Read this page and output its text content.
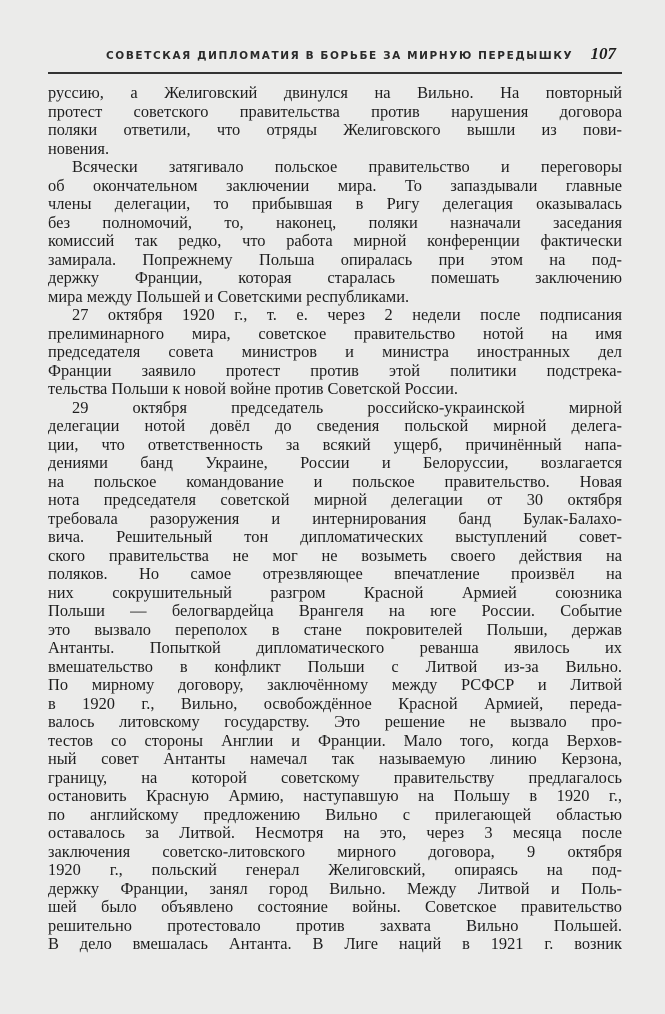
СОВЕТСКАЯ ДИПЛОМАТИЯ В БОРЬБЕ ЗА МИРНУЮ ПЕРЕДЫШКУ 107
руссию, а Желиговский двинулся на Вильно. На повторный
протест советского правительства против нарушения договора
поляки ответили, что отряды Желиговского вышли из пови-
новения.
Всячески затягивало польское правительство и переговоры
об окончательном заключении мира. То запаздывали главные
члены делегации, то прибывшая в Ригу делегация оказывалась
без полномочий, то, наконец, поляки назначали заседания
комиссий так редко, что работа мирной конференции фактически
замирала. Попрежнему Польша опиралась при этом на под-
держку Франции, которая старалась помешать заключению
мира между Польшей и Советскими республиками.
27 октября 1920 г., т. е. через 2 недели после подписания
прелиминарного мира, советское правительство нотой на имя
председателя совета министров и министра иностранных дел
Франции заявило протест против этой политики подстрека-
тельства Польши к новой войне против Советской России.
29 октября председатель российско-украинской мирной
делегации нотой довёл до сведения польской мирной делега-
ции, что ответственность за всякий ущерб, причинённый напа-
дениями банд Украине, России и Белоруссии, возлагается
на польское командование и польское правительство. Новая
нота председателя советской мирной делегации от 30 октября
требовала разоружения и интернирования банд Булак-Балахо-
вича. Решительный тон дипломатических выступлений совет-
ского правительства не мог не возыметь своего действия на
поляков. Но самое отрезвляющее впечатление произвёл на
них сокрушительный разгром Красной Армией союзника
Польши — белогвардейца Врангеля на юге России. Событие
это вызвало переполох в стане покровителей Польши, держав
Антанты. Попыткой дипломатического реванша явилось их
вмешательство в конфликт Польши с Литвой из-за Вильно.
По мирному договору, заключённому между РСФСР и Литвой
в 1920 г., Вильно, освобождённое Красной Армией, переда-
валось литовскому государству. Это решение не вызвало про-
тестов со стороны Англии и Франции. Мало того, когда Верхов-
ный совет Антанты намечал так называемую линию Керзона,
границу, на которой советскому правительству предлагалось
остановить Красную Армию, наступавшую на Польшу в 1920 г.,
по английскому предложению Вильно с прилегающей областью
оставалось за Литвой. Несмотря на это, через 3 месяца после
заключения советско-литовского мирного договора, 9 октября
1920 г., польский генерал Желиговский, опираясь на под-
держку Франции, занял город Вильно. Между Литвой и Поль-
шей было объявлено состояние войны. Советское правительство
решительно протестовало против захвата Вильно Польшей.
В дело вмешалась Антанта. В Лиге наций в 1921 г. возник
